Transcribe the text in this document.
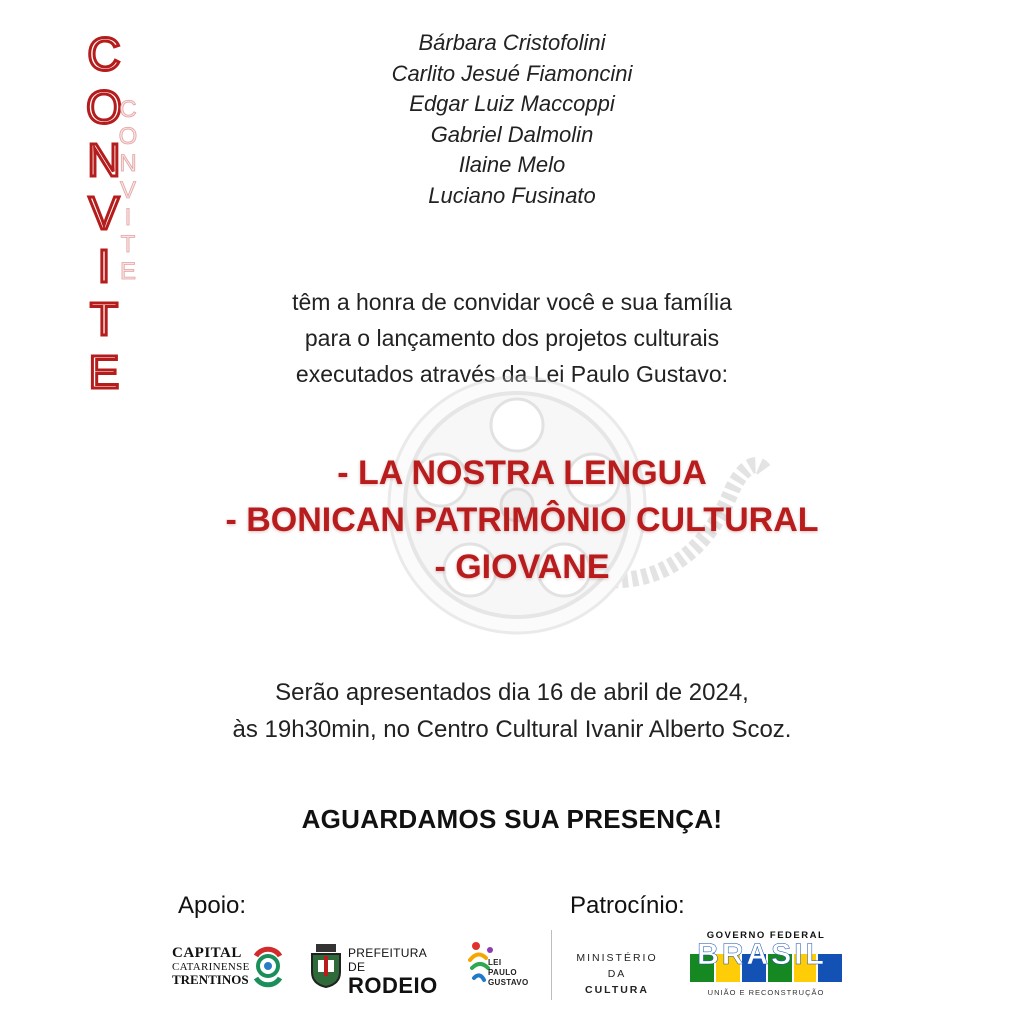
C
O
N
V
I
T
E
C
O
N
V
I
T
E
Bárbara Cristofolini
Carlito Jesué Fiamoncini
Edgar Luiz Maccoppi
Gabriel Dalmolin
Ilaine Melo
Luciano Fusinato
têm a honra de convidar você e sua família
para o lançamento dos projetos culturais
executados através da Lei Paulo Gustavo:
- LA NOSTRA LENGUA
- BONICAN PATRIMÔNIO CULTURAL
- GIOVANE
Serão apresentados dia 16 de abril de 2024,
às 19h30min, no Centro Cultural Ivanir Alberto Scoz.
AGUARDAMOS SUA PRESENÇA!
Apoio:	Patrocínio:
CAPITAL
CATARINENSE
TRENTINOS
PREFEITURA DE
RODEIO
LEI
PAULO
GUSTAVO
MINISTÉRIO DA
CULTURA
GOVERNO FEDERAL
BRASIL
UNIÃO E RECONSTRUÇÃO
